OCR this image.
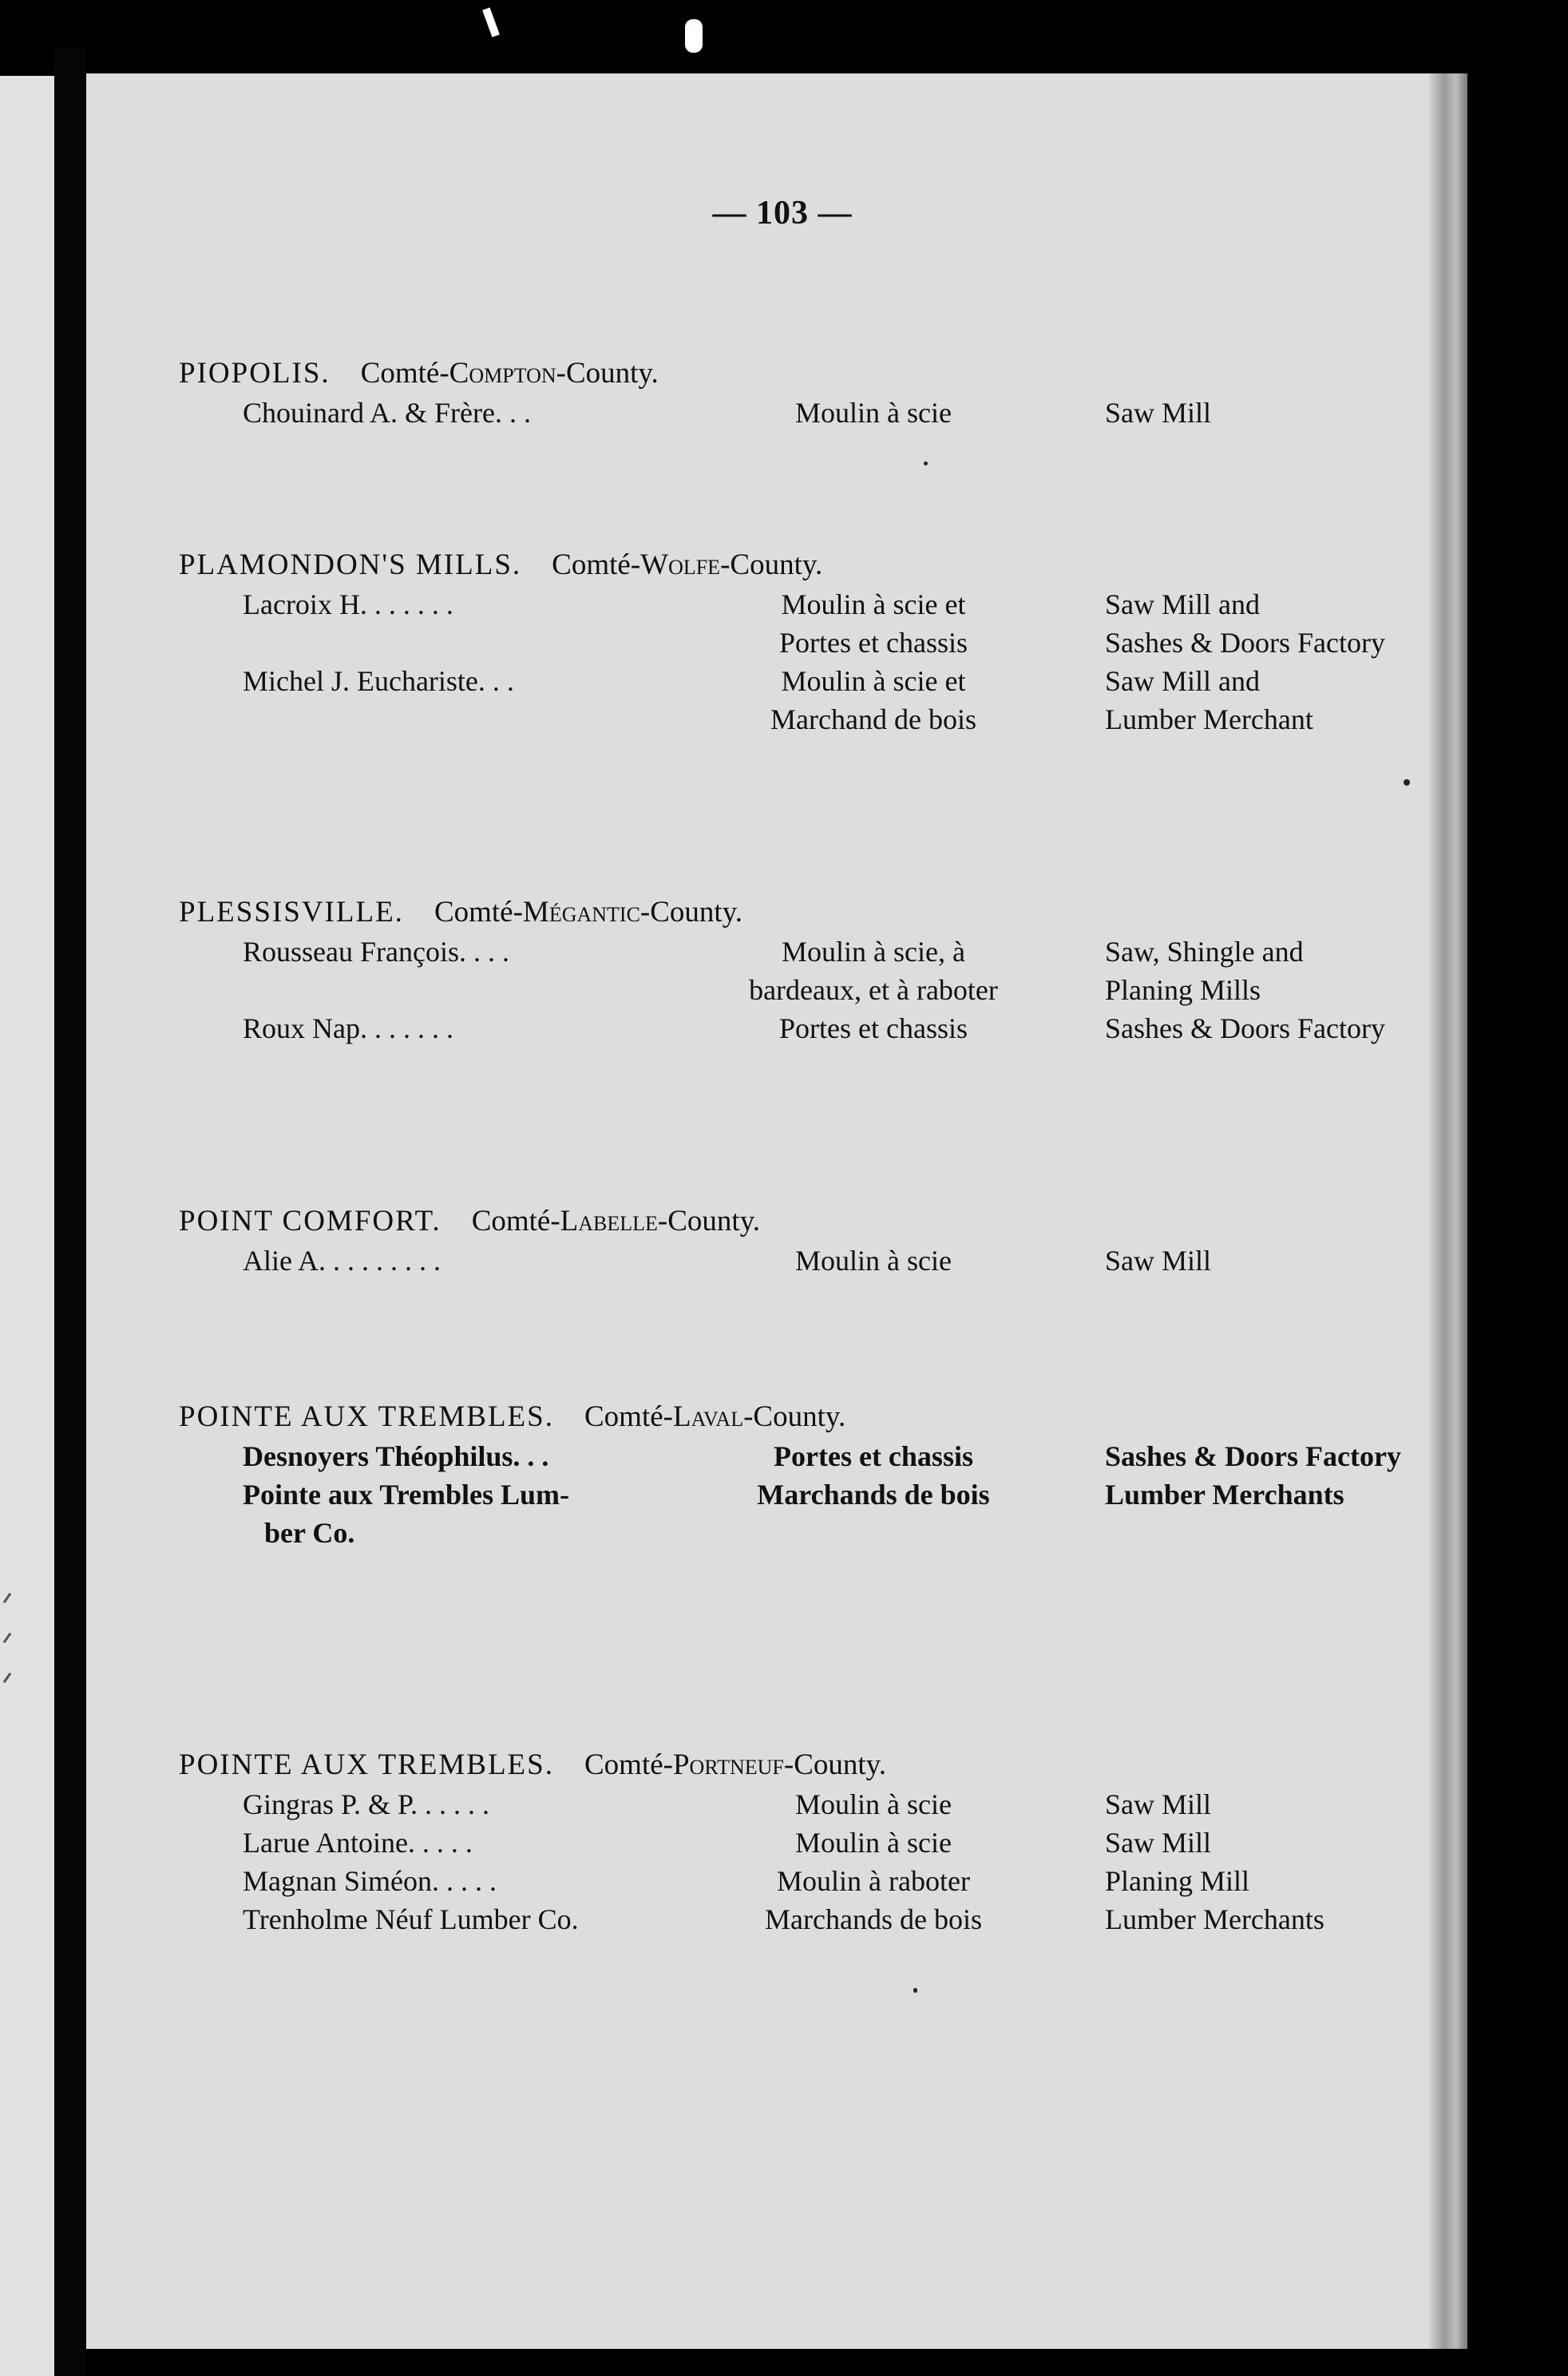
— 103 —
PIOPOLIS. Comté-Compton-County.
Chouinard A. & Frère. . .	Moulin à scie	Saw Mill
PLAMONDON'S MILLS. Comté-Wolfe-County.
Lacroix H. . . . . . .	Moulin à scie et	Saw Mill and
Portes et chassis	Sashes & Doors Factory
Michel J. Eucharistе. . .	Moulin à scie et	Saw Mill and
Marchand de bois	Lumber Merchant
PLESSISVILLE. Comté-Mégantic-County.
Rousseau François. . . .	Moulin à scie, à	Saw, Shingle and
bardeaux, et à raboter	Planing Mills
Roux Nap. . . . . . .	Portes et chassis	Sashes & Doors Factory
POINT COMFORT. Comté-Labelle-County.
Alie A. . . . . . . . .	Moulin à scie	Saw Mill
POINTE AUX TREMBLES. Comté-Laval-County.
Desnoyers Théophilus. . .	Portes et chassis	Sashes & Doors Factory
Pointe aux Trembles Lum-	Marchands de bois	Lumber Merchants
ber Co.
POINTE AUX TREMBLES. Comté-Portneuf-County.
Gingras P. & P. . . . . .	Moulin à scie	Saw Mill
Larue Antoine. . . . .	Moulin à scie	Saw Mill
Magnan Siméon. . . . .	Moulin à raboter	Planing Mill
Trenholme Néuf Lumber Co.	Marchands de bois	Lumber Merchants
